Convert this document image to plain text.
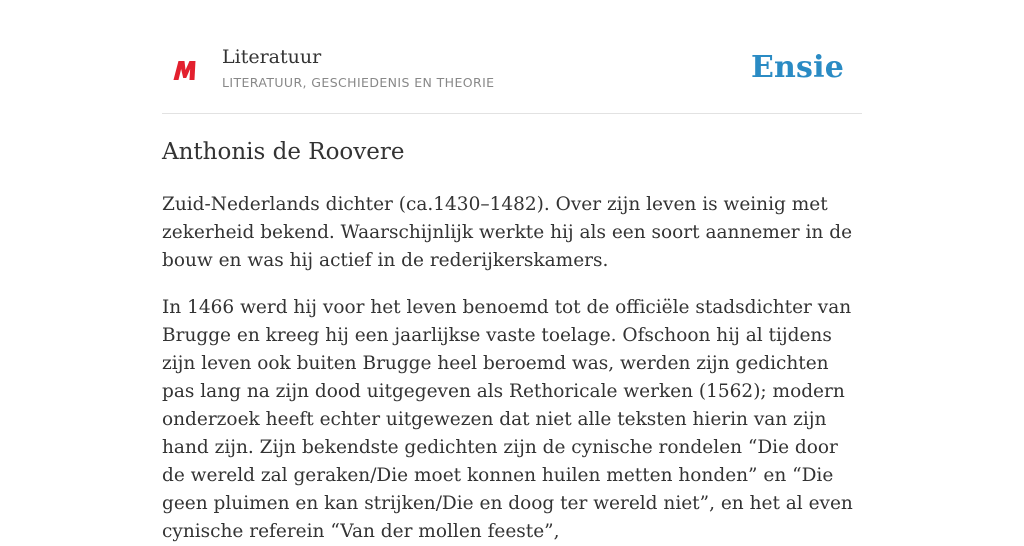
Literatuur
LITERATUUR, GESCHIEDENIS EN THEORIE	Ensie
Anthonis de Roovere

Zuid-Nederlands dichter (ca.1430–1482). Over zijn leven is weinig met zekerheid bekend. Waarschijnlijk werkte hij als een soort aannemer in de bouw en was hij actief in de rederijkerskamers.

In 1466 werd hij voor het leven benoemd tot de officiële stadsdichter van Brugge en kreeg hij een jaarlijkse vaste toelage. Ofschoon hij al tijdens zijn leven ook buiten Brugge heel beroemd was, werden zijn gedichten pas lang na zijn dood uitgegeven als Rethoricale werken (1562); modern onderzoek heeft echter uitgewezen dat niet alle teksten hierin van zijn hand zijn. Zijn bekendste gedichten zijn de cynische rondelen “Die door de wereld zal geraken/Die moet konnen huilen metten honden” en “Die geen pluimen en kan strijken/Die en doog ter wereld niet”, en het al even cynische referein “Van der mollen feeste”,
